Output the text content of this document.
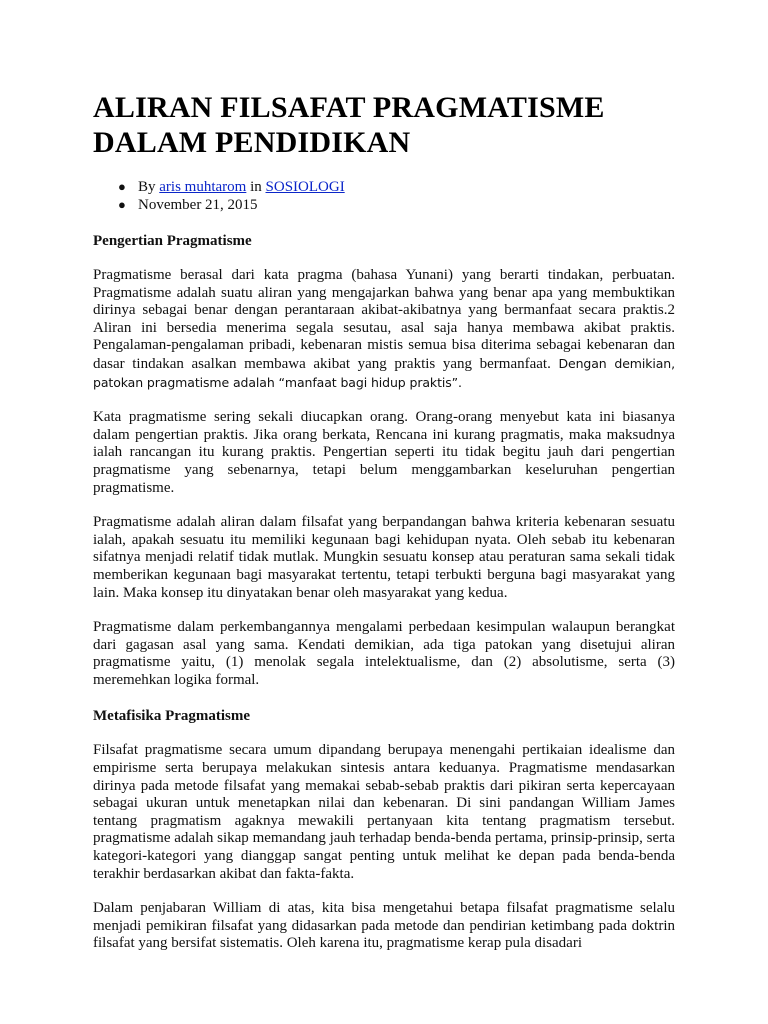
ALIRAN FILSAFAT PRAGMATISME
DALAM PENDIDIKAN
● By aris muhtarom in SOSIOLOGI
● November 21, 2015

Pengertian Pragmatisme

Pragmatisme berasal dari kata pragma (bahasa Yunani) yang berarti tindakan, perbuatan. Pragmatisme adalah suatu aliran yang mengajarkan bahwa yang benar apa yang membuktikan dirinya sebagai benar dengan perantaraan akibat-akibatnya yang bermanfaat secara praktis.2 Aliran ini bersedia menerima segala sesutau, asal saja hanya membawa akibat praktis. Pengalaman-pengalaman pribadi, kebenaran mistis semua bisa diterima sebagai kebenaran dan dasar tindakan asalkan membawa akibat yang praktis yang bermanfaat. Dengan demikian, patokan pragmatisme adalah “manfaat bagi hidup praktis”.

Kata pragmatisme sering sekali diucapkan orang. Orang-orang menyebut kata ini biasanya dalam pengertian praktis. Jika orang berkata, Rencana ini kurang pragmatis, maka maksudnya ialah rancangan itu kurang praktis. Pengertian seperti itu tidak begitu jauh dari pengertian pragmatisme yang sebenarnya, tetapi belum menggambarkan keseluruhan pengertian pragmatisme.

Pragmatisme adalah aliran dalam filsafat yang berpandangan bahwa kriteria kebenaran sesuatu ialah, apakah sesuatu itu memiliki kegunaan bagi kehidupan nyata. Oleh sebab itu kebenaran sifatnya menjadi relatif tidak mutlak. Mungkin sesuatu konsep atau peraturan sama sekali tidak memberikan kegunaan bagi masyarakat tertentu, tetapi terbukti berguna bagi masyarakat yang lain. Maka konsep itu dinyatakan benar oleh masyarakat yang kedua.

Pragmatisme dalam perkembangannya mengalami perbedaan kesimpulan walaupun berangkat dari gagasan asal yang sama. Kendati demikian, ada tiga patokan yang disetujui aliran pragmatisme yaitu, (1) menolak segala intelektualisme, dan (2) absolutisme, serta (3) meremehkan logika formal.

Metafisika Pragmatisme

Filsafat pragmatisme secara umum dipandang berupaya menengahi pertikaian idealisme dan empirisme serta berupaya melakukan sintesis antara keduanya. Pragmatisme mendasarkan dirinya pada metode filsafat yang memakai sebab-sebab praktis dari pikiran serta kepercayaan sebagai ukuran untuk menetapkan nilai dan kebenaran. Di sini pandangan William James tentang pragmatism agaknya mewakili pertanyaan kita tentang pragmatism tersebut. pragmatisme adalah sikap memandang jauh terhadap benda-benda pertama, prinsip-prinsip, serta kategori-kategori yang dianggap sangat penting untuk melihat ke depan pada benda-benda terakhir berdasarkan akibat dan fakta-fakta.

Dalam penjabaran William di atas, kita bisa mengetahui betapa filsafat pragmatisme selalu menjadi pemikiran filsafat yang didasarkan pada metode dan pendirian ketimbang pada doktrin filsafat yang bersifat sistematis. Oleh karena itu, pragmatisme kerap pula disadari
